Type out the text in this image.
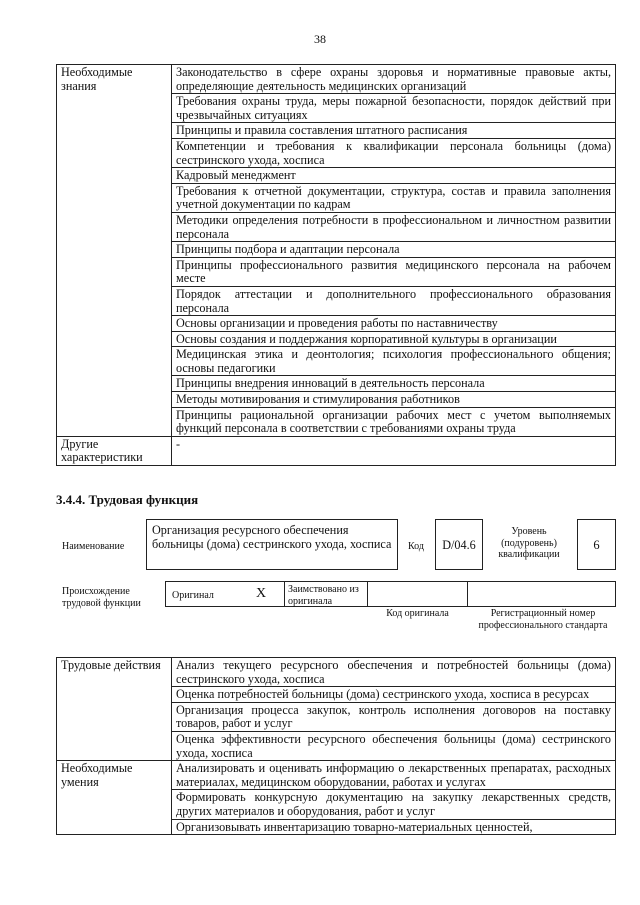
38
Необходимые знания	Законодательство в сфере охраны здоровья и нормативные правовые акты, определяющие деятельность медицинских организаций
	Требования охраны труда, меры пожарной безопасности, порядок действий при чрезвычайных ситуациях
	Принципы и правила составления штатного расписания
	Компетенции и требования к квалификации персонала больницы (дома) сестринского ухода, хосписа
	Кадровый менеджмент
	Требования к отчетной документации, структура, состав и правила заполнения учетной документации по кадрам
	Методики определения потребности в профессиональном и личностном развитии персонала
	Принципы подбора и адаптации персонала
	Принципы профессионального развития медицинского персонала на рабочем месте
	Порядок аттестации и дополнительного профессионального образования персонала
	Основы организации и проведения работы по наставничеству
	Основы создания и поддержания корпоративной культуры в организации
	Медицинская этика и деонтология; психология профессионального общения; основы педагогики
	Принципы внедрения инноваций в деятельность персонала
	Методы мотивирования и стимулирования работников
	Принципы рациональной организации рабочих мест с учетом выполняемых функций персонала в соответствии с требованиями охраны труда
Другие характеристики	-
3.4.4. Трудовая функция
Наименование
Организация ресурсного обеспечения больницы (дома) сестринского ухода, хосписа	Код	D/04.6
Уровень (подуровень) квалификации
6
Происхождение трудовой функции
Оригинал	X	Заимствовано из оригинала
Код оригинала	Регистрационный номер профессионального стандарта
Трудовые действия	Анализ текущего ресурсного обеспечения и потребностей больницы (дома) сестринского ухода, хосписа
	Оценка потребностей больницы (дома) сестринского ухода, хосписа в ресурсах
	Организация процесса закупок, контроль исполнения договоров на поставку товаров, работ и услуг
	Оценка эффективности ресурсного обеспечения больницы (дома) сестринского ухода, хосписа
Необходимые умения	Анализировать и оценивать информацию о лекарственных препаратах, расходных материалах, медицинском оборудовании, работах и услугах
	Формировать конкурсную документацию на закупку лекарственных средств, других материалов и оборудования, работ и услуг
	Организовывать инвентаризацию товарно-материальных ценностей,
